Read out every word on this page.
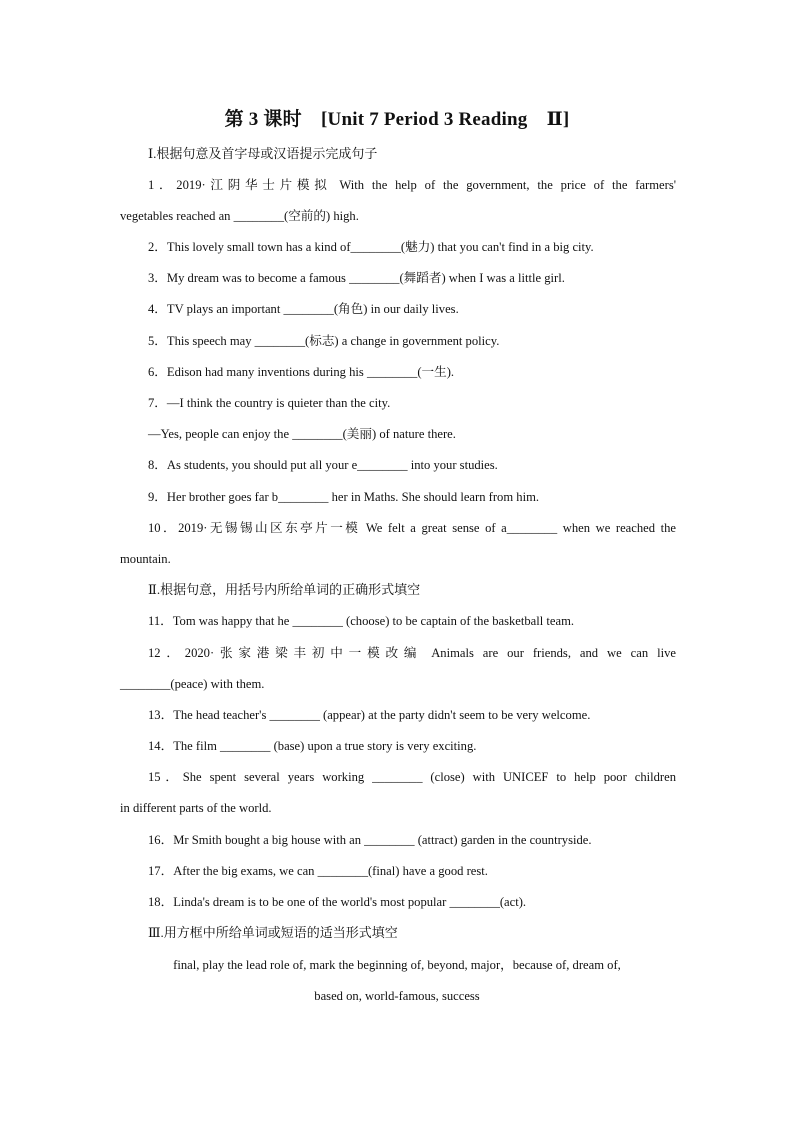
第 3 课时　[Unit 7 Period 3 Reading　Ⅱ]
Ⅰ.根据句意及首字母或汉语提示完成句子
1．2019·江阴华士片模拟 With the help of the government, the price of the farmers'
vegetables reached an ________(空前的) high.
2．This lovely small town has a kind of________(魅力) that you can't find in a big city.
3．My dream was to become a famous ________(舞蹈者) when I was a little girl.
4．TV plays an important ________(角色) in our daily lives.
5．This speech may ________(标志) a change in government policy.
6．Edison had many inventions during his ________(一生).
7．—I think the country is quieter than the city.
—Yes, people can enjoy the ________(美丽) of nature there.
8．As students, you should put all your e________ into your studies.
9．Her brother goes far b________ her in Maths. She should learn from him.
10．2019·无锡锡山区东亭片一模 We felt a great sense of a________ when we reached the
mountain.
Ⅱ.根据句意，用括号内所给单词的正确形式填空
11．Tom was happy that he ________ (choose) to be captain of the basketball team.
12．2020·张家港梁丰初中一模改编 Animals are our friends, and we can live
________(peace) with them.
13．The head teacher's ________ (appear) at the party didn't seem to be very welcome.
14．The film ________ (base) upon a true story is very exciting.
15．She spent several years working ________ (close) with UNICEF to help poor children
in different parts of the world.
16．Mr Smith bought a big house with an ________ (attract) garden in the countryside.
17．After the big exams, we can ________(final) have a good rest.
18．Linda's dream is to be one of the world's most popular ________(act).
Ⅲ.用方框中所给单词或短语的适当形式填空
final, play the lead role of, mark the beginning of, beyond, major，because of, dream of,
based on, world-famous, success
